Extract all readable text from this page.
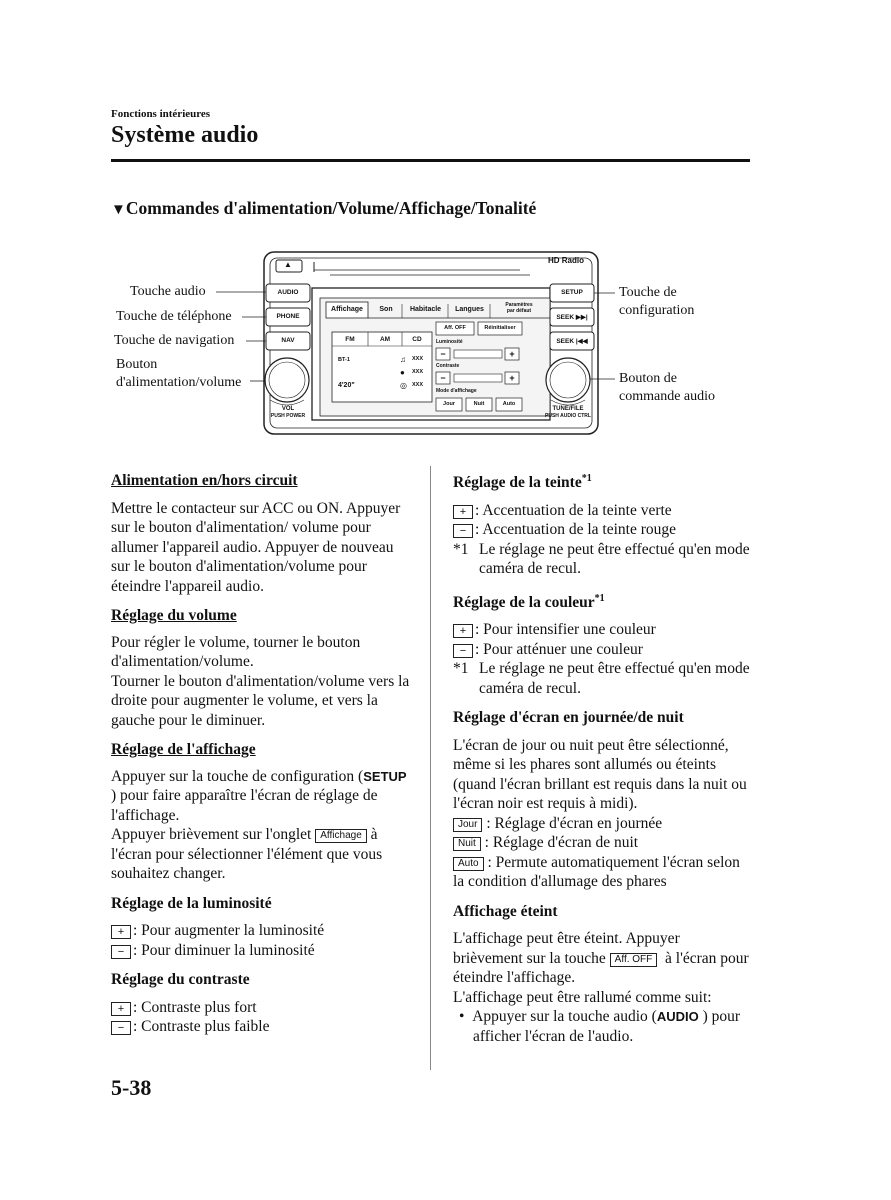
Fonctions intérieures
Système audio
▼Commandes d'alimentation/Volume/Affichage/Tonalité
HD Radio
▲
AUDIO
PHONE
NAV
SETUP
SEEK ▶▶|
SEEK |◀◀
VOL
PUSH POWER
TUNE/FILE
PUSH AUDIO CTRL
Affichage	Son	Habitacle	Langues
Paramètres
par défaut
FM	AM	CD
BT-1
4'20"
♫
●
◎
XXX
XXX
XXX
Aff. OFF	Réinitialiser
Luminosité
−	+
Contraste
−	+
Mode d'affichage
Jour	Nuit	Auto
Touche audio
Touche de téléphone
Touche de navigation
Bouton
d'alimentation/volume
Touche de
configuration
Bouton de
commande audio

Alimentation en/hors circuit

Mettre le contacteur sur ACC ou ON. Appuyer sur le bouton d'alimentation/ volume pour allumer l'appareil audio. Appuyer de nouveau sur le bouton d'alimentation/volume pour éteindre l'appareil audio.

Réglage du volume

Pour régler le volume, tourner le bouton d'alimentation/volume.

Tourner le bouton d'alimentation/volume vers la droite pour augmenter le volume, et vers la gauche pour le diminuer.

Réglage de l'affichage

Appuyer sur la touche de configuration (SETUP ) pour faire apparaître l'écran de réglage de l'affichage.

Appuyer brièvement sur l'onglet Affichage à l'écran pour sélectionner l'élément que vous souhaitez changer.

Réglage de la luminosité

+ : Pour augmenter la luminosité

− : Pour diminuer la luminosité

Réglage du contraste

+ : Contraste plus fort

− : Contraste plus faible

Réglage de la teinte$^{*1}$

+ : Accentuation de la teinte verte

− : Accentuation de la teinte rouge

*1 Le réglage ne peut être effectué qu'en mode caméra de recul.

Réglage de la couleur$^{*1}$

+ : Pour intensifier une couleur

− : Pour atténuer une couleur

*1 Le réglage ne peut être effectué qu'en mode caméra de recul.

Réglage d'écran en journée/de nuit

L'écran de jour ou nuit peut être sélectionné, même si les phares sont allumés ou éteints (quand l'écran brillant est requis dans la nuit ou l'écran noir est requis à midi).

Jour : Réglage d'écran en journée

Nuit : Réglage d'écran de nuit

Auto : Permute automatiquement l'écran selon la condition d'allumage des phares

Affichage éteint

L'affichage peut être éteint. Appuyer brièvement sur la touche Aff. OFF à l'écran pour éteindre l'affichage.

L'affichage peut être rallumé comme suit:

•  Appuyer sur la touche audio (AUDIO ) pour afficher l'écran de l'audio.

5-38
